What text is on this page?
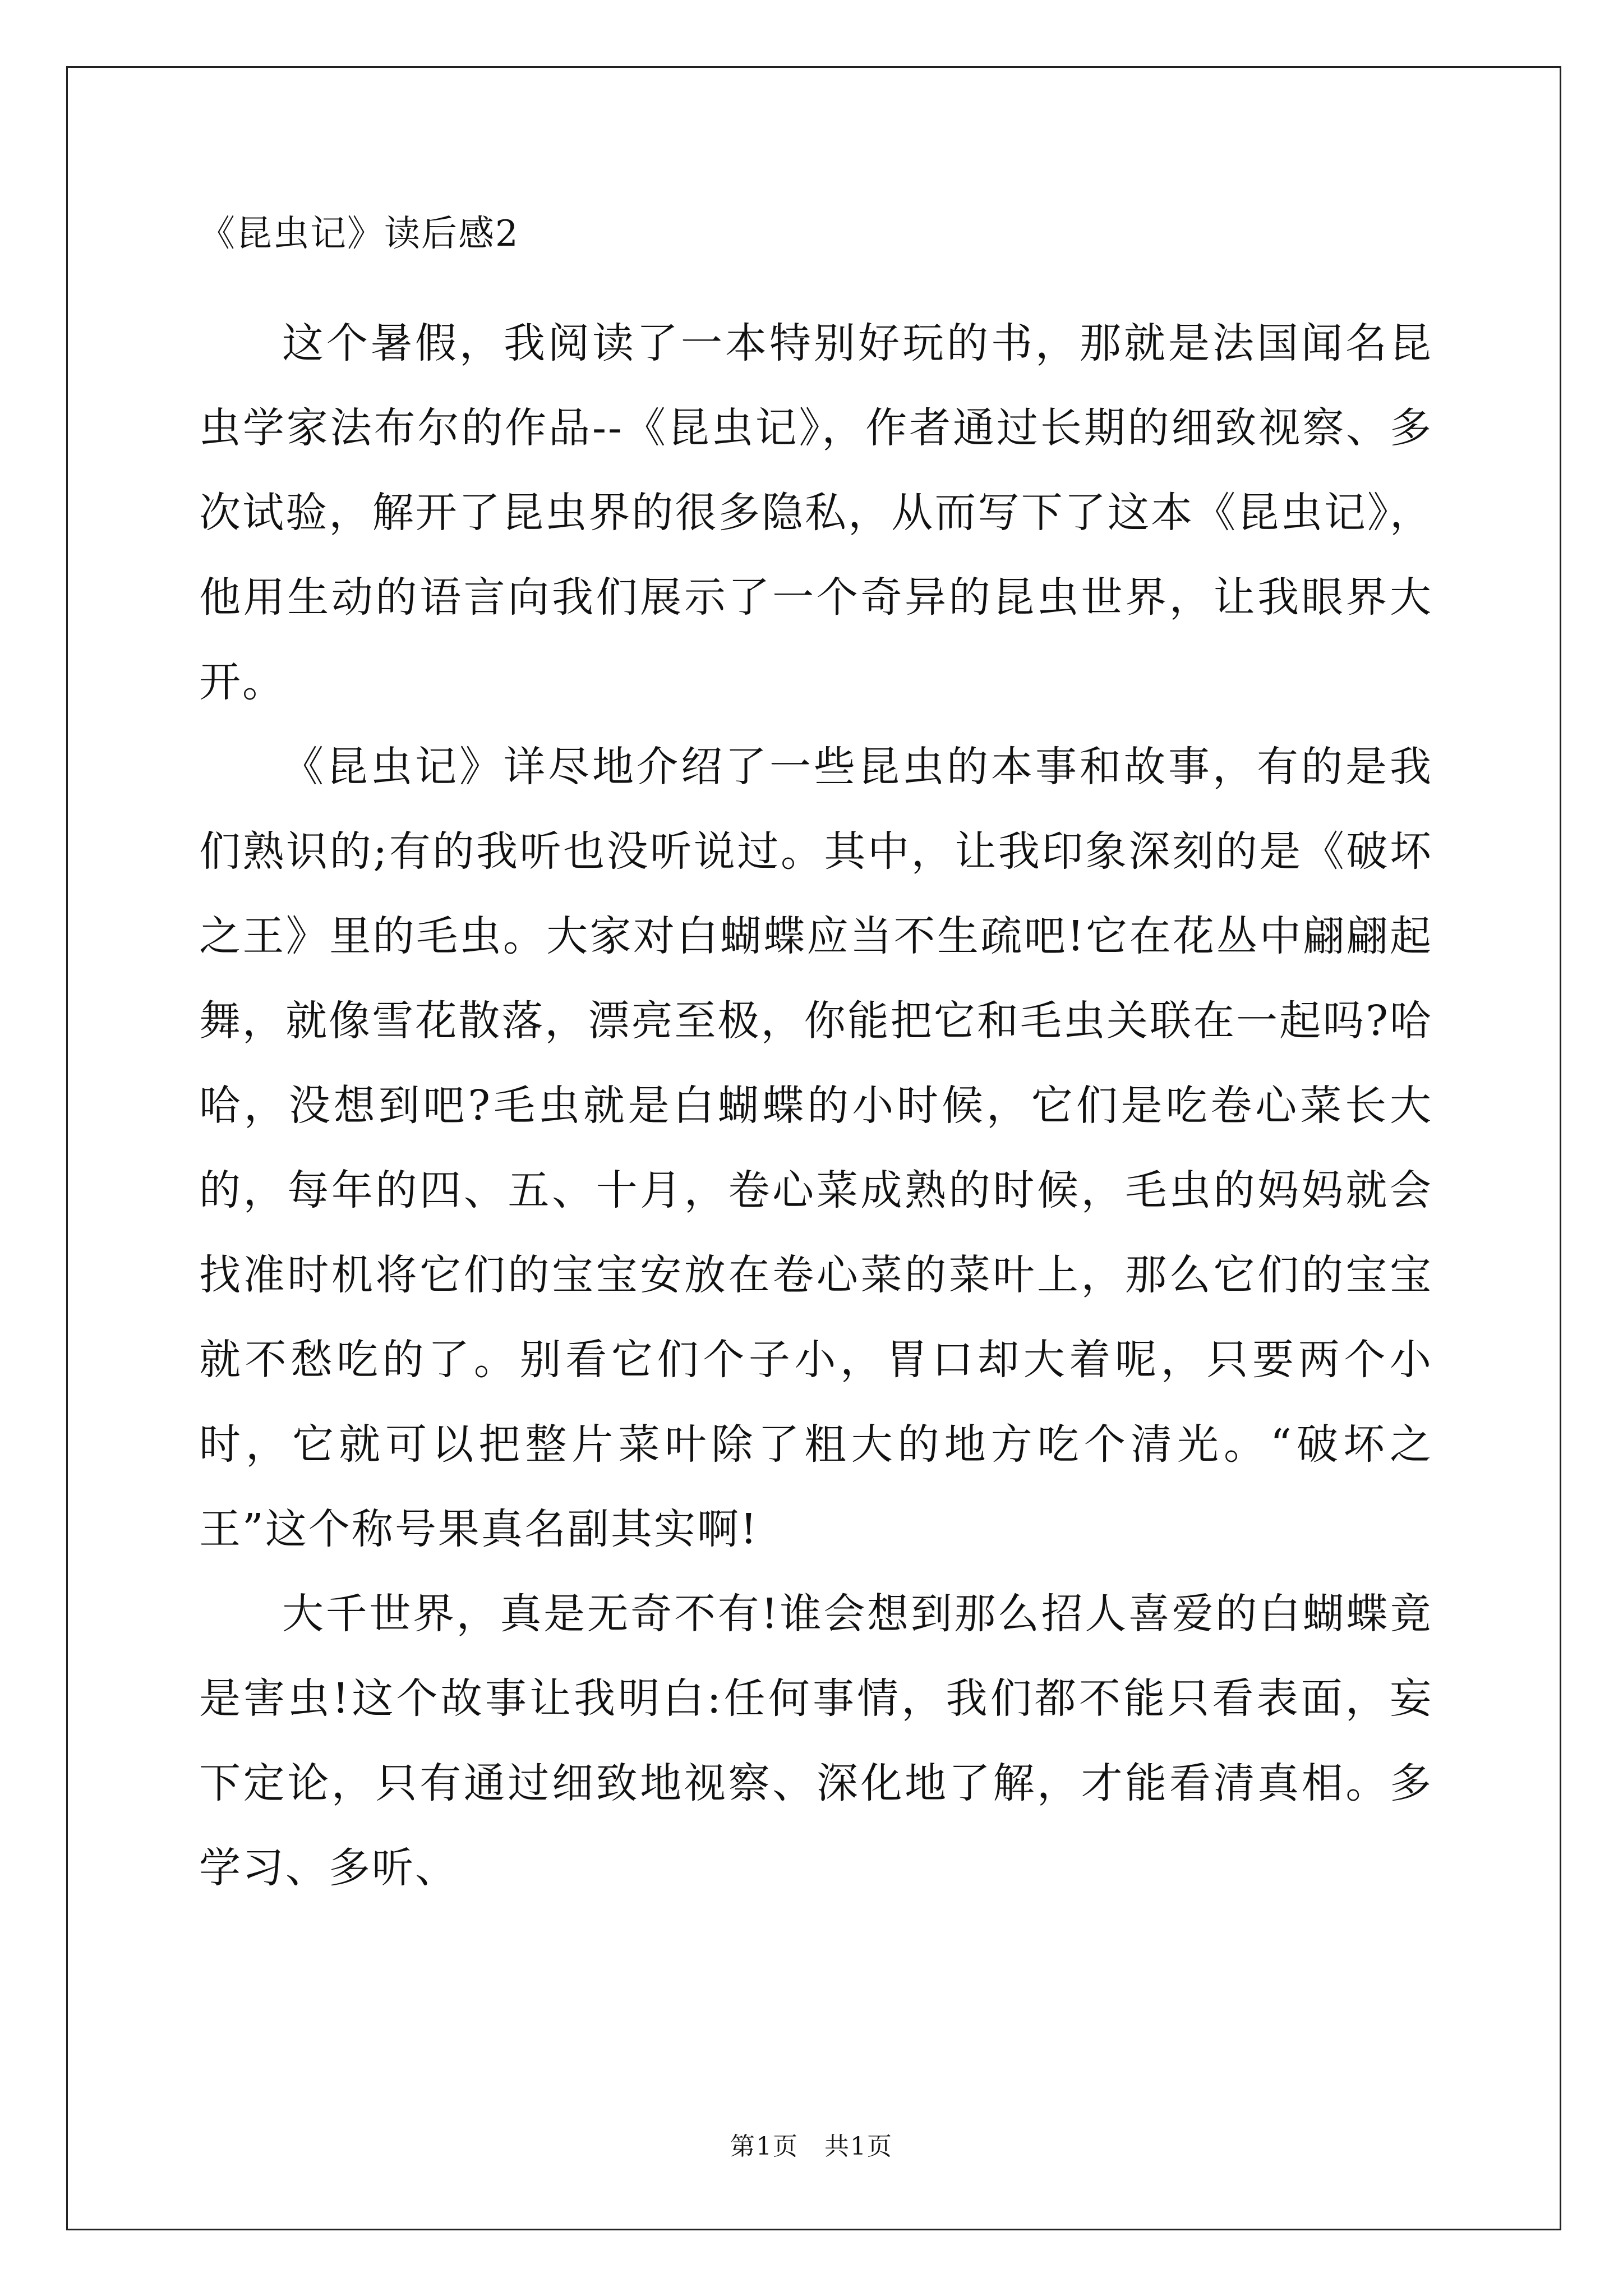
《昆虫记》读后感2

这个暑假，我阅读了一本特别好玩的书，那就是法国闻名昆虫学家法布尔的作品--《昆虫记》，作者通过长期的细致视察、多次试验，解开了昆虫界的很多隐私，从而写下了这本《昆虫记》，他用生动的语言向我们展示了一个奇异的昆虫世界，让我眼界大开。

《昆虫记》详尽地介绍了一些昆虫的本事和故事，有的是我们熟识的;有的我听也没听说过。其中，让我印象深刻的是《破坏之王》里的毛虫。大家对白蝴蝶应当不生疏吧!它在花丛中翩翩起舞，就像雪花散落，漂亮至极，你能把它和毛虫关联在一起吗?哈哈，没想到吧?毛虫就是白蝴蝶的小时候，它们是吃卷心菜长大的，每年的四、五、十月，卷心菜成熟的时候，毛虫的妈妈就会找准时机将它们的宝宝安放在卷心菜的菜叶上，那么它们的宝宝就不愁吃的了。别看它们个子小，胃口却大着呢，只要两个小时，它就可以把整片菜叶除了粗大的地方吃个清光。“破坏之王”这个称号果真名副其实啊!

大千世界，真是无奇不有!谁会想到那么招人喜爱的白蝴蝶竟是害虫!这个故事让我明白:任何事情，我们都不能只看表面，妄下定论，只有通过细致地视察、深化地了解，才能看清真相。多学习、多听、

第1页　共1页
